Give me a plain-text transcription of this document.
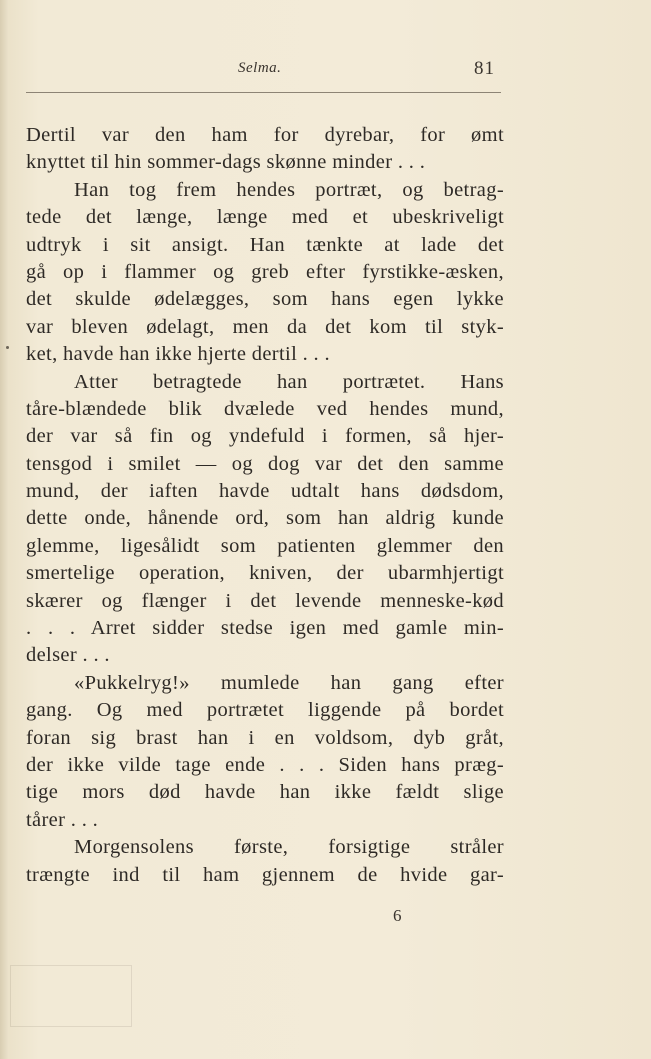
Selma.	81
Dertil var den ham for dyrebar, for ømt
knyttet til hin sommer-dags skønne minder . . .
Han tog frem hendes portræt, og betrag-
tede det længe, længe med et ubeskriveligt
udtryk i sit ansigt. Han tænkte at lade det
gå op i flammer og greb efter fyrstikke-æsken,
det skulde ødelægges, som hans egen lykke
var bleven ødelagt, men da det kom til styk-
ket, havde han ikke hjerte dertil . . .
Atter betragtede han portrætet. Hans
tåre-blændede blik dvælede ved hendes mund,
der var så fin og yndefuld i formen, så hjer-
tensgod i smilet — og dog var det den samme
mund, der iaften havde udtalt hans dødsdom,
dette onde, hånende ord, som han aldrig kunde
glemme, ligesålidt som patienten glemmer den
smertelige operation, kniven, der ubarmhjertigt
skærer og flænger i det levende menneske-kød
. . . Arret sidder stedse igen med gamle min-
delser . . .
«Pukkelryg!» mumlede han gang efter
gang. Og med portrætet liggende på bordet
foran sig brast han i en voldsom, dyb gråt,
der ikke vilde tage ende . . . Siden hans præg-
tige mors død havde han ikke fældt slige
tårer . . .
Morgensolens første, forsigtige stråler
trængte ind til ham gjennem de hvide gar-
6
